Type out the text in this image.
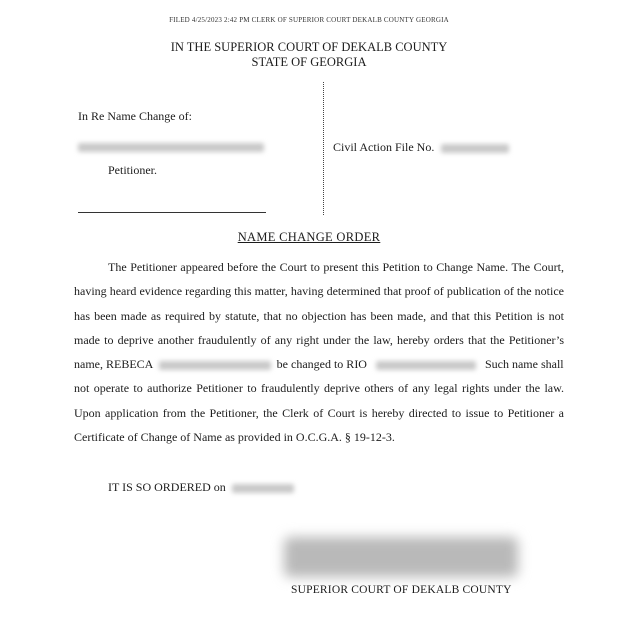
FILED 4/25/2023 2:42 PM CLERK OF SUPERIOR COURT DEKALB COUNTY GEORGIA
IN THE SUPERIOR COURT OF DEKALB COUNTY
STATE OF GEORGIA
In Re Name Change of:
Petitioner.
Civil Action File No.
NAME CHANGE ORDER
The Petitioner appeared before the Court to present this Petition to Change Name. The Court,
having heard evidence regarding this matter, having determined that proof of publication of the notice
has been made as required by statute, that no objection has been made, and that this Petition is not
made to deprive another fraudulently of any right under the law, hereby orders that the Petitioner’s
name, REBECA	be changed to RIO	Such name shall
not operate to authorize Petitioner to fraudulently deprive others of any legal rights under the law.
Upon application from the Petitioner, the Clerk of Court is hereby directed to issue to Petitioner a
Certificate of Change of Name as provided in O.C.G.A. § 19-12-3.
IT IS SO ORDERED on
SUPERIOR COURT OF DEKALB COUNTY
